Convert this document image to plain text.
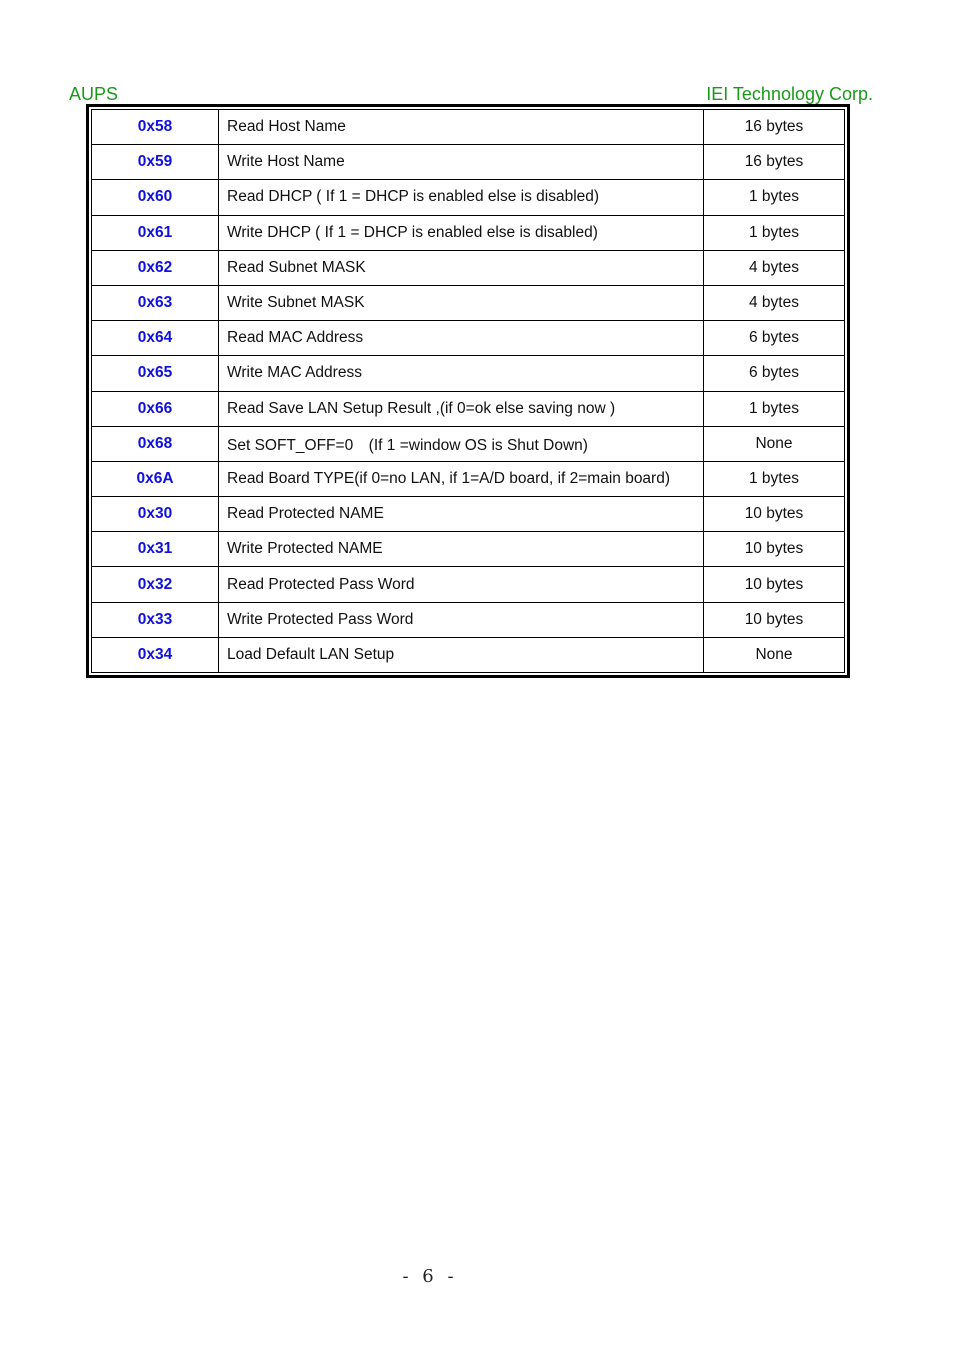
AUPS	IEI Technology Corp.
0x58	Read Host Name	16 bytes
0x59	Write Host Name	16 bytes
0x60	Read DHCP ( If 1 = DHCP is enabled else is disabled)	1 bytes
0x61	Write DHCP ( If 1 = DHCP is enabled else is disabled)	1 bytes
0x62	Read Subnet MASK	4 bytes
0x63	Write Subnet MASK	4 bytes
0x64	Read MAC Address	6 bytes
0x65	Write MAC Address	6 bytes
0x66	Read Save LAN Setup Result ,(if 0=ok else saving now )	1 bytes
0x68	Set SOFT_OFF=0　(If 1 =window OS is Shut Down)	None
0x6A	Read Board TYPE(if 0=no LAN, if 1=A/D board, if 2=main board)	1 bytes
0x30	Read Protected NAME	10 bytes
0x31	Write Protected NAME	10 bytes
0x32	Read Protected Pass Word	10 bytes
0x33	Write Protected Pass Word	10 bytes
0x34	Load Default LAN Setup	None
- 6 -
